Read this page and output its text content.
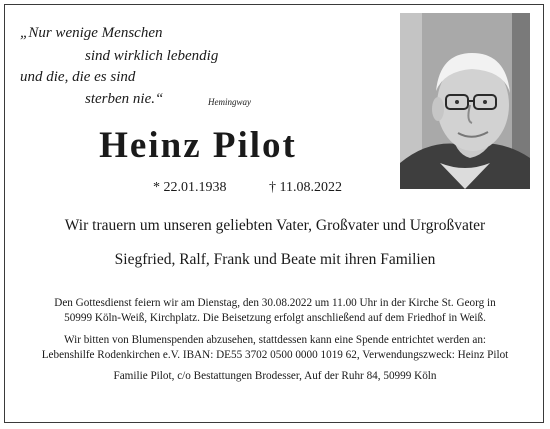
„Nur wenige Menschen
sind wirklich lebendig
und die, die es sind
sterben nie.“	Hemingway
Heinz Pilot
* 22.01.1938	† 11.08.2022
Wir trauern um unseren geliebten Vater, Großvater und Urgroßvater
Siegfried, Ralf, Frank und Beate mit ihren Familien
Den Gottesdienst feiern wir am Dienstag, den 30.08.2022 um 11.00 Uhr in der Kirche St. Georg in
50999 Köln-Weiß, Kirchplatz. Die Beisetzung erfolgt anschließend auf dem Friedhof in Weiß.
Wir bitten von Blumenspenden abzusehen, stattdessen kann eine Spende entrichtet werden an:
Lebenshilfe Rodenkirchen e.V. IBAN: DE55 3702 0500 0000 1019 62, Verwendungszweck: Heinz Pilot
Familie Pilot, c/o Bestattungen Brodesser, Auf der Ruhr 84, 50999 Köln
